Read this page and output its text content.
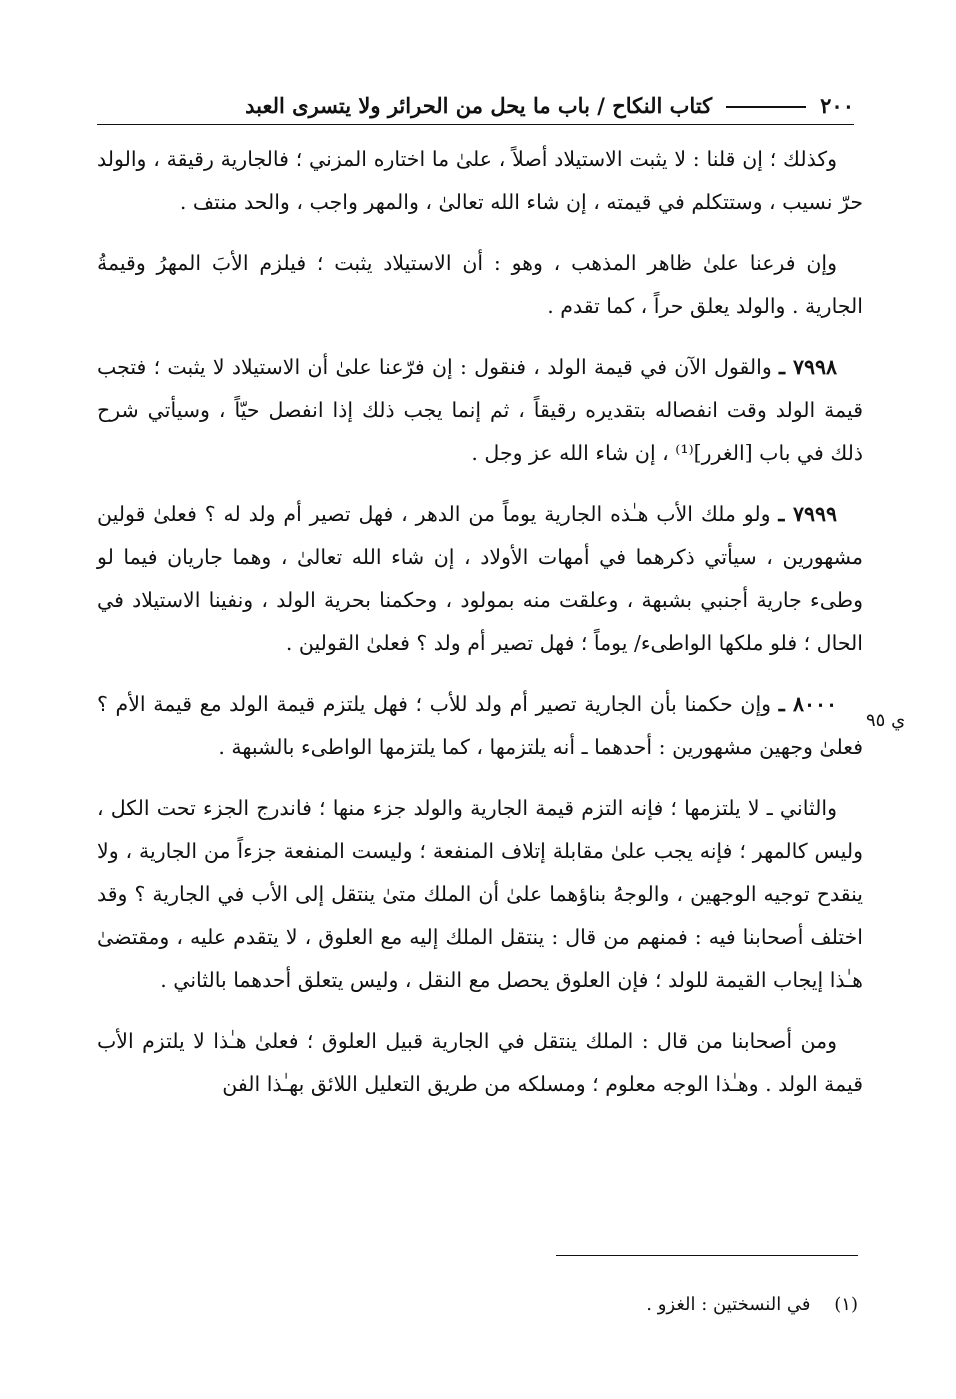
٢٠٠
كتاب النكاح / باب ما يحل من الحرائر ولا يتسرى العبد

وكذلك ؛ إن قلنا : لا يثبت الاستيلاد أصلاً ، علىٰ ما اختاره المزني ؛ فالجارية رقيقة ، والولد حرّ نسيب ، وستتكلم في قيمته ، إن شاء الله تعالىٰ ، والمهر واجب ، والحد منتف .

وإن فرعنا علىٰ ظاهر المذهب ، وهو : أن الاستيلاد يثبت ؛ فيلزم الأبَ المهرُ وقيمةُ الجارية . والولد يعلق حراً ، كما تقدم .

٧٩٩٨ ـ والقول الآن في قيمة الولد ، فنقول : إن فرّعنا علىٰ أن الاستيلاد لا يثبت ؛ فتجب قيمة الولد وقت انفصاله بتقديره رقيقاً ، ثم إنما يجب ذلك إذا انفصل حيّاً ، وسيأتي شرح ذلك في باب [الغرر]⁽¹⁾ ، إن شاء الله عز وجل .

٧٩٩٩ ـ ولو ملك الأب هـٰذه الجارية يوماً من الدهر ، فهل تصير أم ولد له ؟ فعلىٰ قولين مشهورين ، سيأتي ذكرهما في أمهات الأولاد ، إن شاء الله تعالىٰ ، وهما جاريان فيما لو وطىء جارية أجنبي بشبهة ، وعلقت منه بمولود ، وحكمنا بحرية الولد ، ونفينا الاستيلاد في الحال ؛ فلو ملكها الواطىء/ يوماً ؛ فهل تصير أم ولد ؟ فعلىٰ القولين .

٨٠٠٠ ـ وإن حكمنا بأن الجارية تصير أم ولد للأب ؛ فهل يلتزم قيمة الولد مع قيمة الأم ؟ فعلىٰ وجهين مشهورين : أحدهما ـ أنه يلتزمها ، كما يلتزمها الواطىء بالشبهة .

والثاني ـ لا يلتزمها ؛ فإنه التزم قيمة الجارية والولد جزء منها ؛ فاندرج الجزء تحت الكل ، وليس كالمهر ؛ فإنه يجب علىٰ مقابلة إتلاف المنفعة ؛ وليست المنفعة جزءاً من الجارية ، ولا ينقدح توجيه الوجهين ، والوجهُ بناؤهما علىٰ أن الملك متىٰ ينتقل إلى الأب في الجارية ؟ وقد اختلف أصحابنا فيه : فمنهم من قال : ينتقل الملك إليه مع العلوق ، لا يتقدم عليه ، ومقتضىٰ هـٰذا إيجاب القيمة للولد ؛ فإن العلوق يحصل مع النقل ، وليس يتعلق أحدهما بالثاني .

ومن أصحابنا من قال : الملك ينتقل في الجارية قبيل العلوق ؛ فعلىٰ هـٰذا لا يلتزم الأب قيمة الولد . وهـٰذا الوجه معلوم ؛ ومسلكه من طريق التعليل اللائق بهـٰذا الفن

ي ٩٥
(١) في النسختين : الغزو .
